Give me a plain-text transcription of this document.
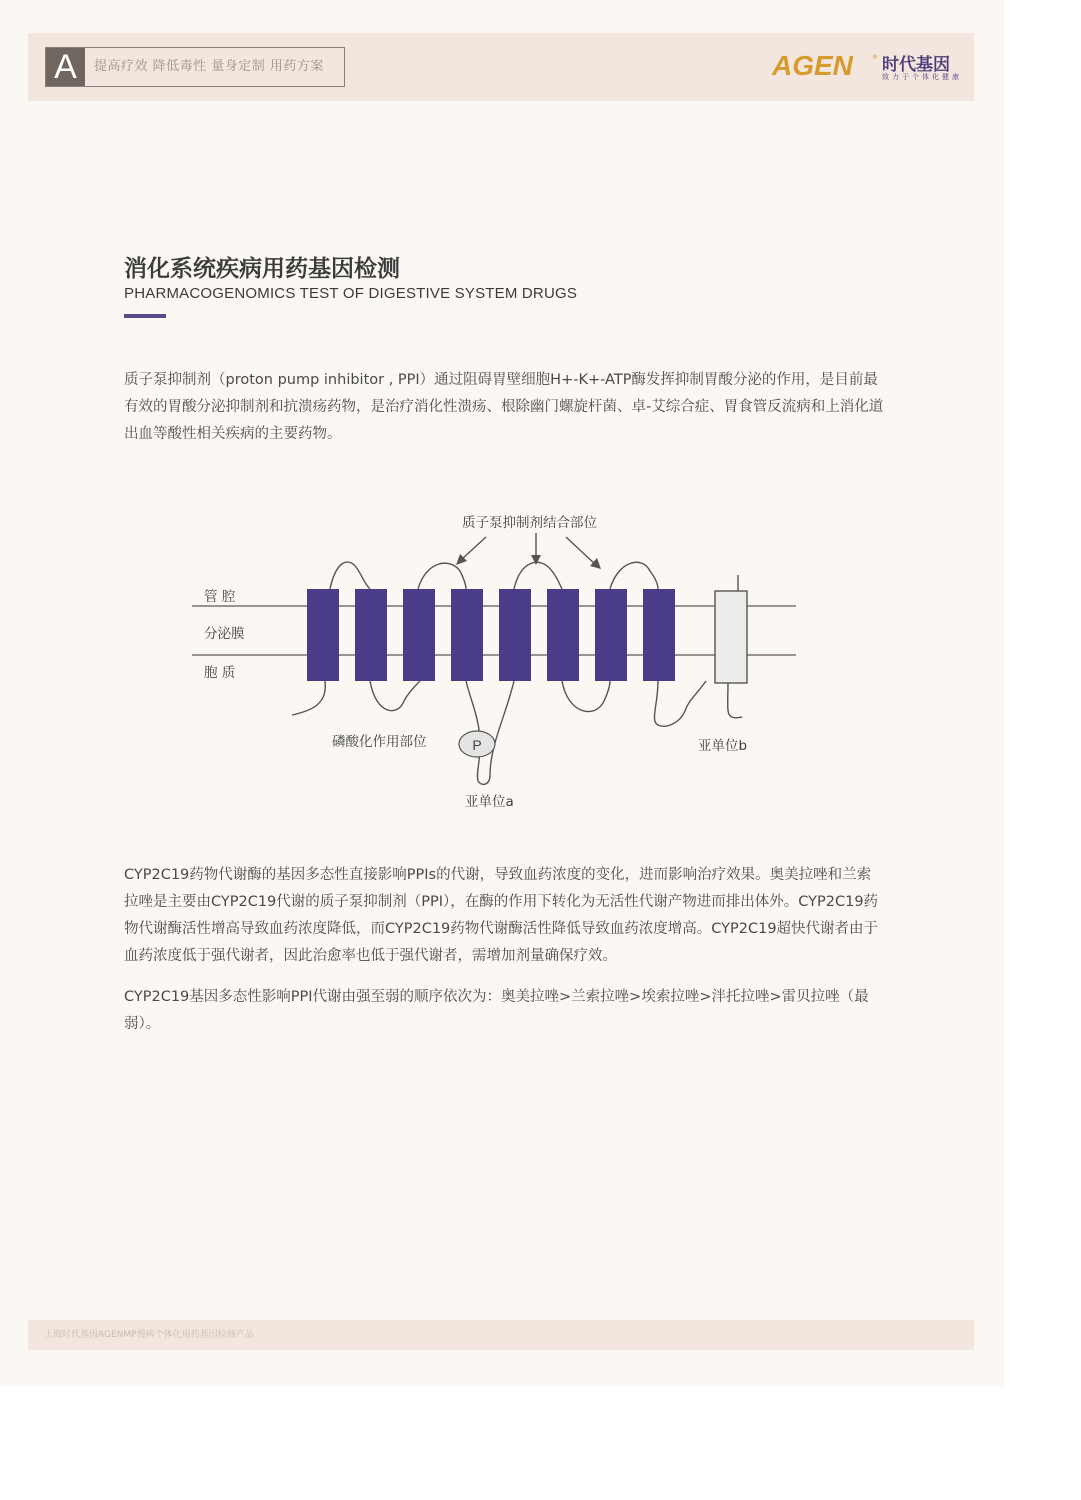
A	提高疗效 降低毒性 量身定制 用药方案	AGEN	® 时代基因
致力于个体化健康
消化系统疾病用药基因检测
PHARMACOGENOMICS TEST OF DIGESTIVE SYSTEM DRUGS
质子泵抑制剂（proton pump inhibitor , PPI）通过阻碍胃壁细胞H+-K+-ATP酶发挥抑制胃酸分泌的作用，是目前最有效的胃酸分泌抑制剂和抗溃疡药物，是治疗消化性溃疡、根除幽门螺旋杆菌、卓-艾综合症、胃食管反流病和上消化道出血等酸性相关疾病的主要药物。
P
质子泵抑制剂结合部位
管 腔
分泌膜
胞 质
磷酸化作用部位
亚单位a
亚单位b
CYP2C19药物代谢酶的基因多态性直接影响PPIs的代谢，导致血药浓度的变化，进而影响治疗效果。奥美拉唑和兰索拉唑是主要由CYP2C19代谢的质子泵抑制剂（PPI），在酶的作用下转化为无活性代谢产物进而排出体外。CYP2C19药物代谢酶活性增高导致血药浓度降低，而CYP2C19药物代谢酶活性降低导致血药浓度增高。CYP2C19超快代谢者由于血药浓度低于强代谢者，因此治愈率也低于强代谢者，需增加剂量确保疗效。
CYP2C19基因多态性影响PPI代谢由强至弱的顺序依次为：奥美拉唑>兰索拉唑>埃索拉唑>泮托拉唑>雷贝拉唑（最弱）。
上海时代基因AGENMP慢病个体化用药基因检测产品
